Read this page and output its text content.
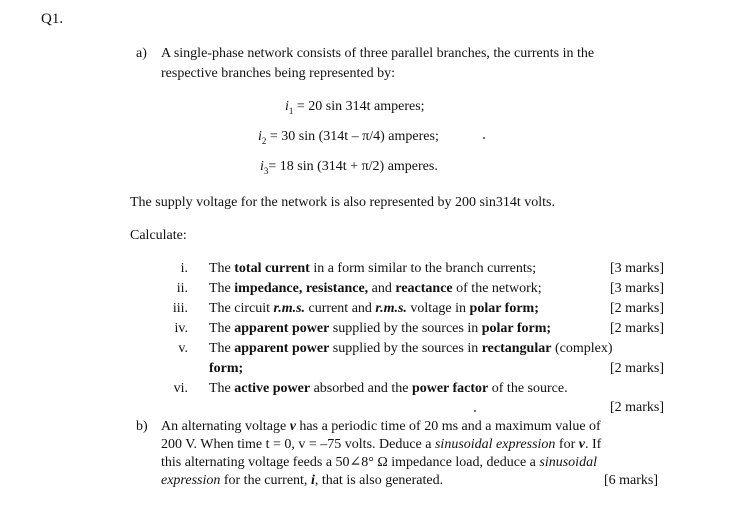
Q1.
a) A single-phase network consists of three parallel branches, the currents in the
respective branches being represented by:
$i_1 = 20$ sin 314t amperes;
$i_2 = 30$ sin (314t – π/4) amperes;
$i_3= 18$ sin (314t + π/2) amperes.
The supply voltage for the network is also represented by 200 sin314t volts.
Calculate:
i. The total current in a form similar to the branch currents;	[3 marks]
ii. The impedance, resistance, and reactance of the network;	[3 marks]
iii. The circuit r.m.s. current and r.m.s. voltage in polar form;	[2 marks]
iv. The apparent power supplied by the sources in polar form;	[2 marks]
v. The apparent power supplied by the sources in rectangular (complex)
form;	[2 marks]
vi. The active power absorbed and the power factor of the source.
[2 marks]
b) An alternating voltage v has a periodic time of 20 ms and a maximum value of
200 V. When time t = 0, v = –75 volts. Deduce a sinusoidal expression for v. If
this alternating voltage feeds a 50∠8° Ω impedance load, deduce a sinusoidal
expression for the current, i, that is also generated.	[6 marks]
